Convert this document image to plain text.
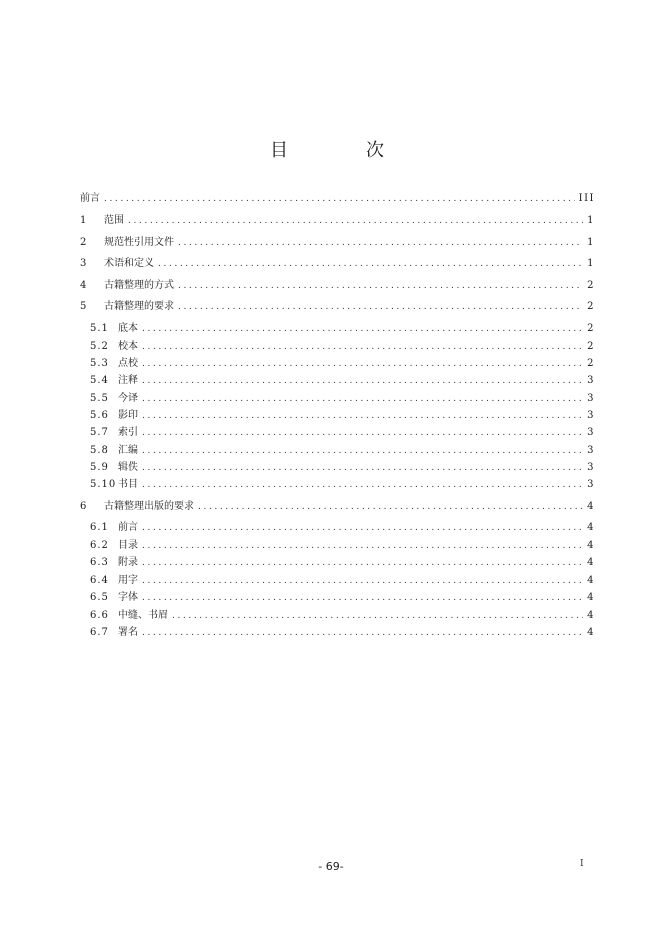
目　次
前言 .....	III
1	范围 .....	1
2	规范性引用文件 .....	1
3	术语和定义 .....	1
4	古籍整理的方式 .....	2
5	古籍整理的要求 .....	2
5.1 底本 .....	2
5.2 校本 .....	2
5.3 点校 .....	2
5.4 注释 .....	3
5.5 今译 .....	3
5.6 影印 .....	3
5.7 索引 .....	3
5.8 汇编 .....	3
5.9 辑佚 .....	3
5.10 书目 .....	3
6	古籍整理出版的要求 .....	4
6.1 前言 .....	4
6.2 目录 .....	4
6.3 附录 .....	4
6.4 用字 .....	4
6.5 字体 .....	4
6.6 中缝、书眉 .....	4
6.7 署名 .....	4
I
- 69-
